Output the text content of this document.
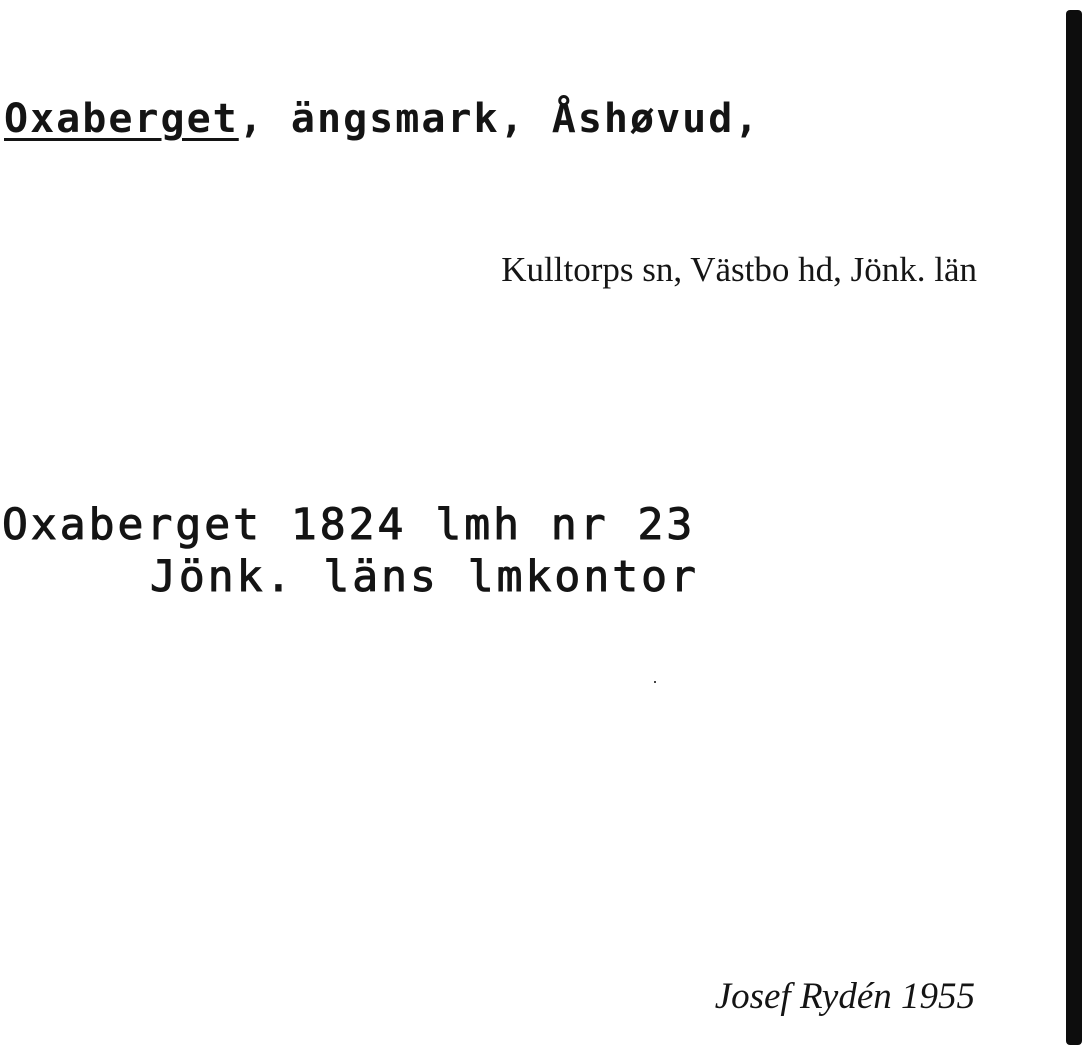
Oxaberget, ängsmark, Åshøvud,
Kulltorps sn, Västbo hd, Jönk. län
Oxaberget 1824 lmh nr 23
Jönk. läns lmkontor
Josef Rydén 1955
